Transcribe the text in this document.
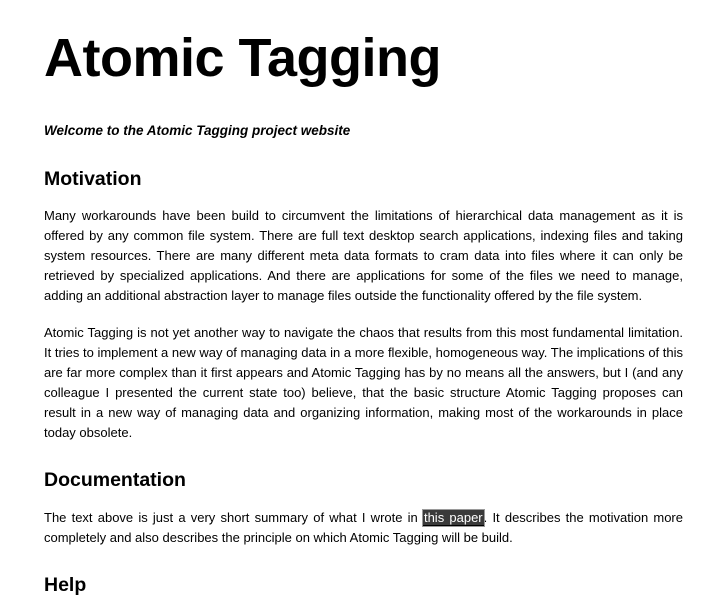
Atomic Tagging
Welcome to the Atomic Tagging project website
Motivation

Many workarounds have been build to circumvent the limitations of hierarchical data management as it is offered by any common file system. There are full text desktop search applications, indexing files and taking system resources. There are many different meta data formats to cram data into files where it can only be retrieved by specialized applications. And there are applications for some of the files we need to manage, adding an additional abstraction layer to manage files outside the functionality offered by the file system.

Atomic Tagging is not yet another way to navigate the chaos that results from this most fundamental limitation. It tries to implement a new way of managing data in a more flexible, homogeneous way. The implications of this are far more complex than it first appears and Atomic Tagging has by no means all the answers, but I (and any colleague I presented the current state too) believe, that the basic structure Atomic Tagging proposes can result in a new way of managing data and organizing information, making most of the workarounds in place today obsolete.

Documentation

The text above is just a very short summary of what I wrote in this paper. It describes the motivation more completely and also describes the principle on which Atomic Tagging will be build.

Help
